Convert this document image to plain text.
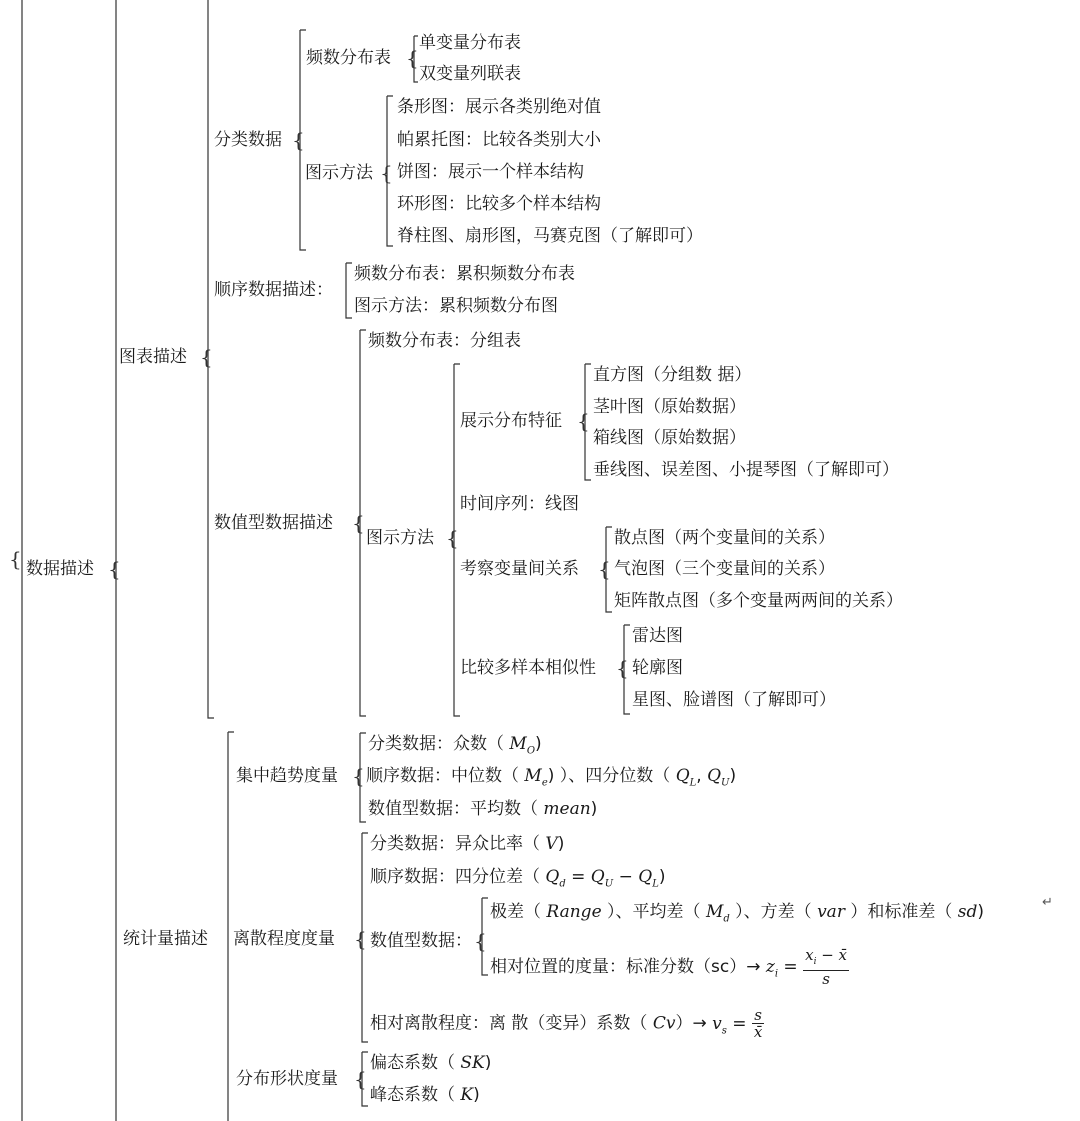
数据描述
{	{
图表描述 {
分类数据 {
频数分布表 {
单变量分布表
双变量列联表
图示方法 {
条形图：展示各类别绝对值
帕累托图：比较各类别大小
饼图：展示一个样本结构
环形图：比较多个样本结构
脊柱图、扇形图，马赛克图（了解即可）
顺序数据描述：
频数分布表：累积频数分布表
图示方法：累积频数分布图
数值型数据描述 {
频数分布表：分组表
图示方法 {
展示分布特征 {
直方图（分组数 据）
茎叶图（原始数据）
箱线图（原始数据）
垂线图、误差图、小提琴图（了解即可）
时间序列：线图
考察变量间关系 {
散点图（两个变量间的关系）
气泡图（三个变量间的关系）
矩阵散点图（多个变量两两间的关系）
比较多样本相似性 {
雷达图
轮廓图
星图、脸谱图（了解即可）
统计量描述
集中趋势度量 {
分类数据：众数（ $M_O$)
顺序数据：中位数（ $M_e$) ）、四分位数（ $Q_L$, $Q_U$)
数值型数据：平均数（ mean)
离散程度度量 {
分类数据：异众比率（ V)
顺序数据：四分位差（ $Q_d = Q_U - Q_L$)
数值型数据： {
极差（ Range ）、平均差（ $M_d$ ）、方差（ var ）和标准差（ sd)	↵
相对位置的度量：标准分数$(sc)\to z_i = \frac{x_i - x̄}{s}$
相对离散程度：离 散（变异）系数（ $Cv)\to v_s = \frac{s}{x̄}$
分布形状度量 {
偏态系数（ SK)
峰态系数（ K)
